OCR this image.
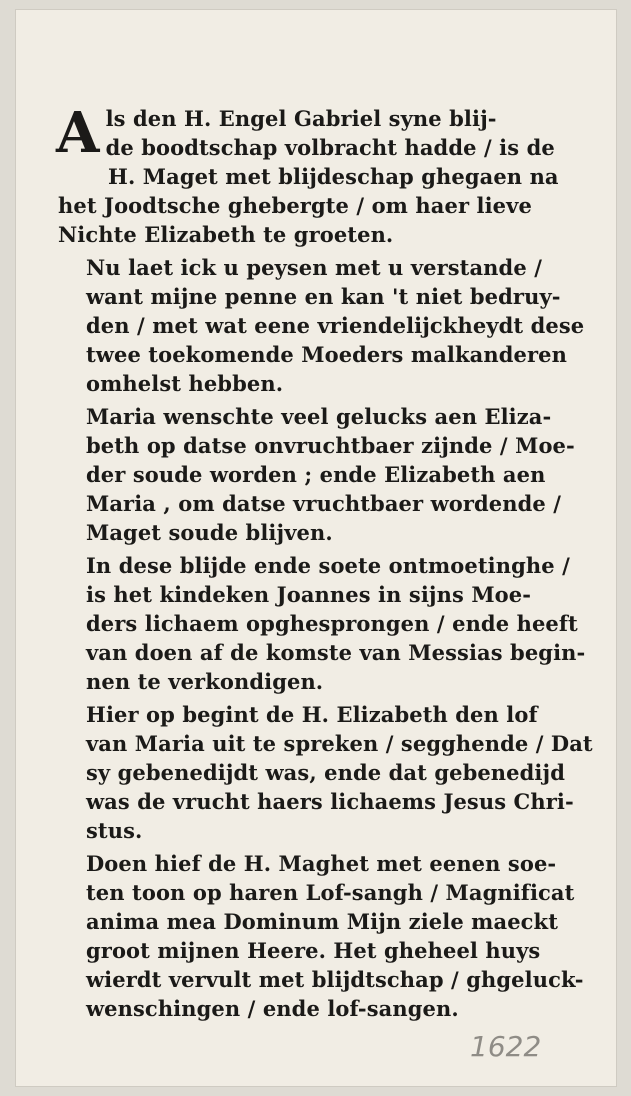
A ls den H. Engel Gabriel syne blij-
de boodtschap volbracht hadde / is de
H. Maget met blijdeschap ghegaen na
het Joodtsche ghebergte / om haer lieve
Nichte Elizabeth te groeten.
Nu laet ick u peysen met u verstande /
want mijne penne en kan 't niet bedruy-
den / met wat eene vriendelijckheydt dese
twee toekomende Moeders malkanderen
omhelst hebben.
Maria wenschte veel gelucks aen Eliza-
beth op datse onvruchtbaer zijnde / Moe-
der soude worden ; ende Elizabeth aen
Maria , om datse vruchtbaer wordende /
Maget soude blijven.
In dese blijde ende soete ontmoetinghe /
is het kindeken Joannes in sijns Moe-
ders lichaem opghesprongen / ende heeft
van doen af de komste van Messias begin-
nen te verkondigen.
Hier op begint de H. Elizabeth den lof
van Maria uit te spreken / segghende / Dat
sy gebenedijdt was, ende dat gebenedijd
was de vrucht haers lichaems Jesus Chri-
stus.
Doen hief de H. Maghet met eenen soe-
ten toon op haren Lof-sangh / Magnificat
anima mea Dominum Mijn ziele maeckt
groot mijnen Heere. Het gheheel huys
wierdt vervult met blijdtschap / ghgeluck-
wenschingen / ende lof-sangen.
1622
